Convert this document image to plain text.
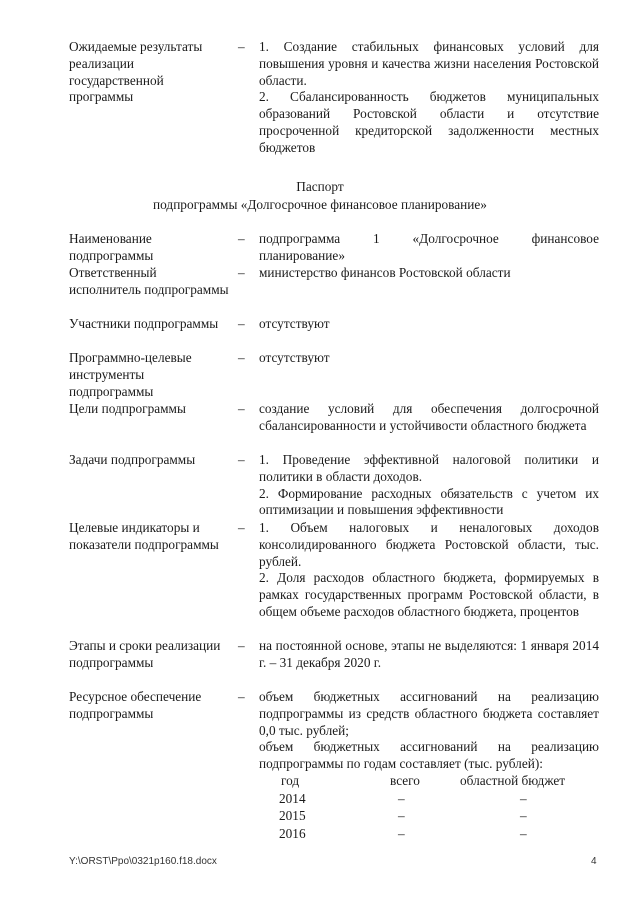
Ожидаемые результаты реализации государственной программы
– 1. Создание стабильных финансовых условий для повышения уровня и качества жизни населения Ростовской области.

2. Сбалансированность бюджетов муниципальных образований Ростовской области и отсутствие просроченной кредиторской задолженности местных бюджетов

Паспорт
подпрограммы «Долгосрочное финансовое планирование»
Наименование подпрограммы
– подпрограмма 1 «Долгосрочное финансовое планирование»
Ответственный исполнитель подпрограммы
– министерство финансов Ростовской области
Участники подпрограммы	– отсутствуют
Программно-целевые инструменты подпрограммы
– отсутствуют
Цели подпрограммы	– создание условий для обеспечения долгосрочной сбалансированности и устойчивости областного бюджета
Задачи подпрограммы	– 1. Проведение эффективной налоговой политики и политики в области доходов.

2. Формирование расходных обязательств с учетом их оптимизации и повышения эффективности

Целевые индикаторы и показатели подпрограммы
– 1. Объем налоговых и неналоговых доходов консолидированного бюджета Ростовской области, тыс. рублей.

2. Доля расходов областного бюджета, формируемых в рамках государственных программ Ростовской области, в общем объеме расходов областного бюджета, процентов

Этапы и сроки реализации подпрограммы
– на постоянной основе, этапы не выделяются: 1 января 2014 г. – 31 декабря 2020 г.
Ресурсное обеспечение подпрограммы
– объем бюджетных ассигнований на реализацию подпрограммы из средств областного бюджета составляет 0,0 тыс. рублей;

объем бюджетных ассигнований на реализацию подпрограммы по годам составляет (тыс. рублей):

год	всего	областной бюджет
2014	–	–
2015	–	–
2016	–	–
Y:\ORST\Ppo\0321p160.f18.docx	4
